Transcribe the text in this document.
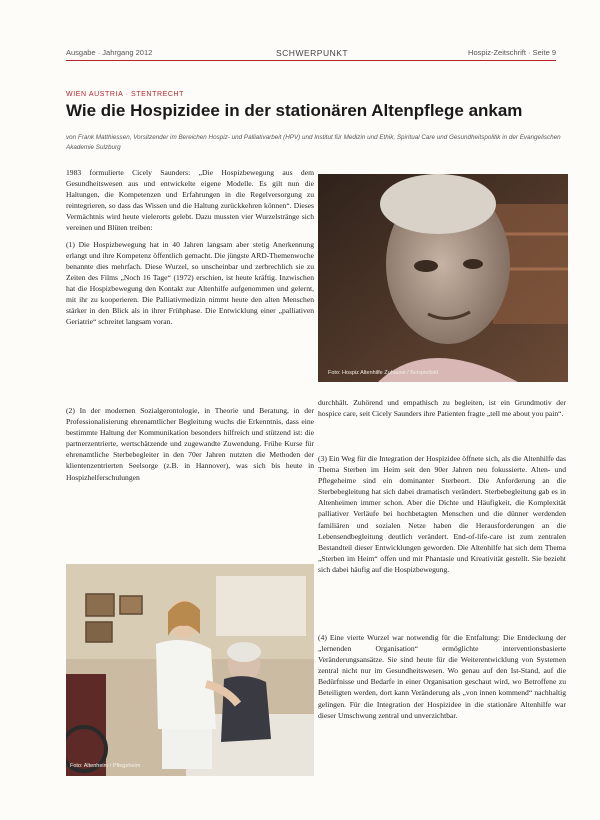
Ausgabe · Jahrgang 2012	SCHWERPUNKT	Hospiz-Zeitschrift · Seite 9
WIEN AUSTRIA · STENTRECHT
Wie die Hospizidee in der stationären Altenpflege ankam
von Frank Matthiessen, Vorsitzender im Bereichen Hospiz- und Palliativarbeit (HPV) und Institut für Medizin und Ethik, Spiritual Care und Gesundheitspolitik in der Evangelischen Akademie Sulzburg

1983 formulierte Cicely Saunders: „Die Hospizbewegung aus dem Gesundheitswesen aus und entwickelte eigene Modelle. Es gilt nun die Haltungen, die Kompetenzen und Erfahrungen in die Regelversorgung zu reintegrieren, so dass das Wissen und die Haltung zurückkehren können“. Dieses Vermächtnis wird heute vielerorts gelebt. Dazu mussten vier Wurzelstränge sich vereinen und Blüten treiben:

(1) Die Hospizbewegung hat in 40 Jahren langsam aber stetig Anerkennung erlangt und ihre Kompetenz öffentlich gemacht. Die jüngste ARD-Themenwoche benannte dies mehrfach. Diese Wurzel, so unscheinbar und zerbrechlich sie zu Zeiten des Films „Noch 16 Tage“ (1972) erschien, ist heute kräftig. Inzwischen hat die Hospizbewegung den Kontakt zur Altenhilfe aufgenommen und gelernt, mit ihr zu kooperieren. Die Palliativmedizin nimmt heute den alten Menschen stärker in den Blick als in ihrer Frühphase. Die Entwicklung einer „palliativen Geriatrie“ schreitet langsam voran.

(2) In der modernen Sozialgerontologie, in Theorie und Beratung, in der Professionalisierung ehrenamtlicher Begleitung wuchs die Erkenntnis, dass eine bestimmte Haltung der Kommunikation besonders hilfreich und stützend ist: die partnerzentrierte, wertschätzende und zugewandte Zuwendung. Frühe Kurse für ehrenamtliche Sterbebegleiter in den 70er Jahren nutzten die Methoden der klientenzentrierten Seelsorge (z.B. in Hannover), was sich bis heute in Hospizhelferschulungen

Foto: Hospiz Altenhilfe Zuhause / Beispielbild

durchhält. Zuhörend und empathisch zu begleiten, ist ein Grundmotiv der hospice care, seit Cicely Saunders ihre Patienten fragte „tell me about you pain“.

(3) Ein Weg für die Integration der Hospizidee öffnete sich, als die Altenhilfe das Thema Sterben im Heim seit den 90er Jahren neu fokussierte. Alten- und Pflegeheime sind ein dominanter Sterbeort. Die Anforderung an die Sterbebegleitung hat sich dabei dramatisch verändert. Sterbebegleitung gab es in Altenheimen immer schon. Aber die Dichte und Häufigkeit, die Komplexität palliativer Verläufe bei hochbetagten Menschen und die dünner werdenden familiären und sozialen Netze haben die Herausforderungen an die Lebensendbegleitung deutlich verändert. End-of-life-care ist zum zentralen Bestandteil dieser Entwicklungen geworden. Die Altenhilfe hat sich dem Thema „Sterben im Heim“ offen und mit Phantasie und Kreativität gestellt. Sie bezieht sich dabei häufig auf die Hospizbewegung.

(4) Eine vierte Wurzel war notwendig für die Entfaltung: Die Entdeckung der „lernenden Organisation“ ermöglichte interventionsbasierte Veränderungsansätze. Sie sind heute für die Weiterentwicklung von Systemen zentral nicht nur im Gesundheitswesen. Wo genau auf den Ist-Stand, auf die Bedürfnisse und Bedarfe in einer Organisation geschaut wird, wo Betroffene zu Beteiligten werden, dort kann Veränderung als „von innen kommend“ nachhaltig gelingen. Für die Integration der Hospizidee in die stationäre Altenhilfe war dieser Umschwung zentral und unverzichtbar.

Foto: Altenheim / Pflegeheim
